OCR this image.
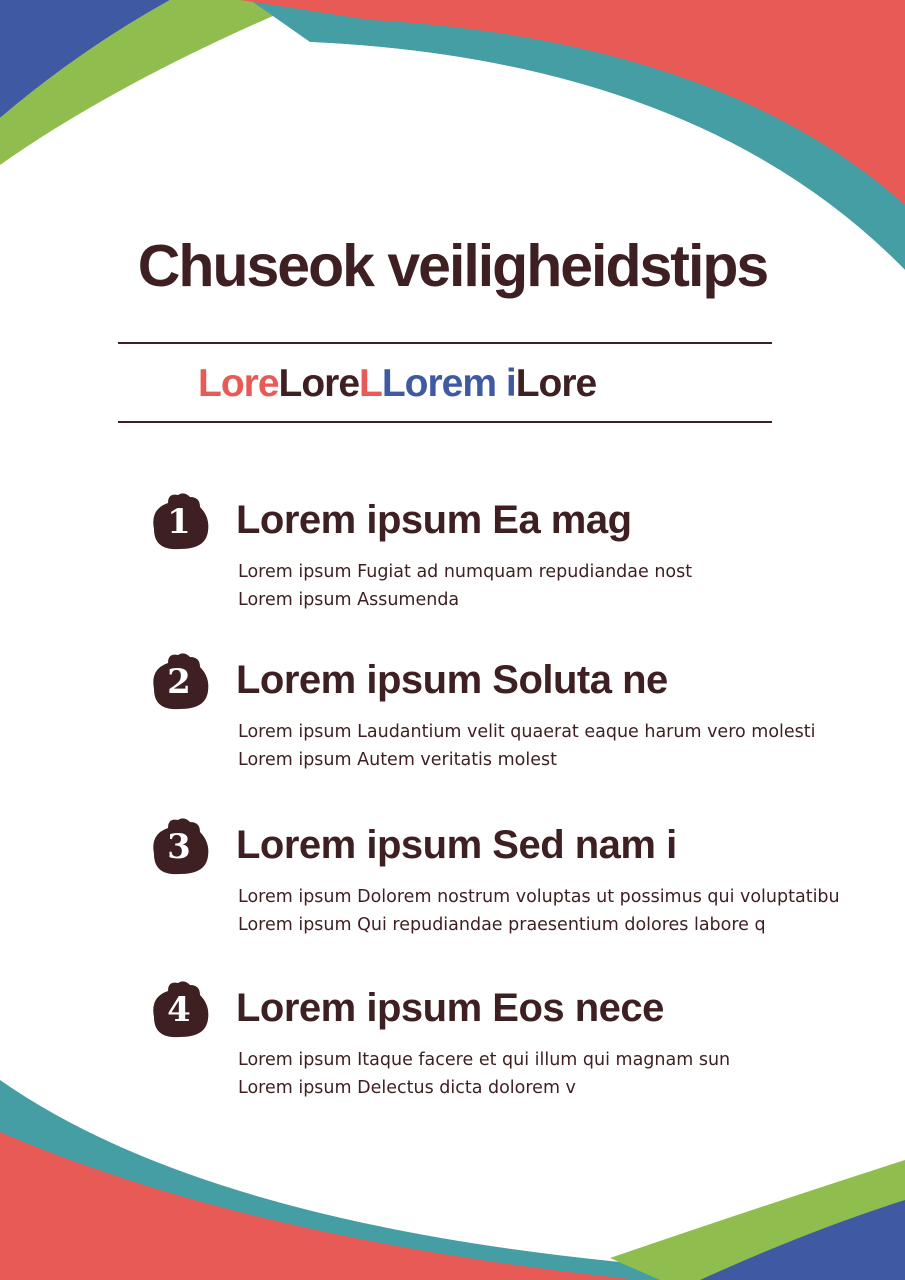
Chuseok veiligheidstips
LoreLoreLLorem iLore
1	Lorem ipsum Ea mag

Lorem ipsum Fugiat ad numquam repudiandae nost

Lorem ipsum Assumenda

2	Lorem ipsum Soluta ne

Lorem ipsum Laudantium velit quaerat eaque harum vero molesti

Lorem ipsum Autem veritatis molest

3	Lorem ipsum Sed nam i

Lorem ipsum Dolorem nostrum voluptas ut possimus qui voluptatibu

Lorem ipsum Qui repudiandae praesentium dolores labore q

4	Lorem ipsum Eos nece

Lorem ipsum Itaque facere et qui illum qui magnam sun

Lorem ipsum Delectus dicta dolorem v
